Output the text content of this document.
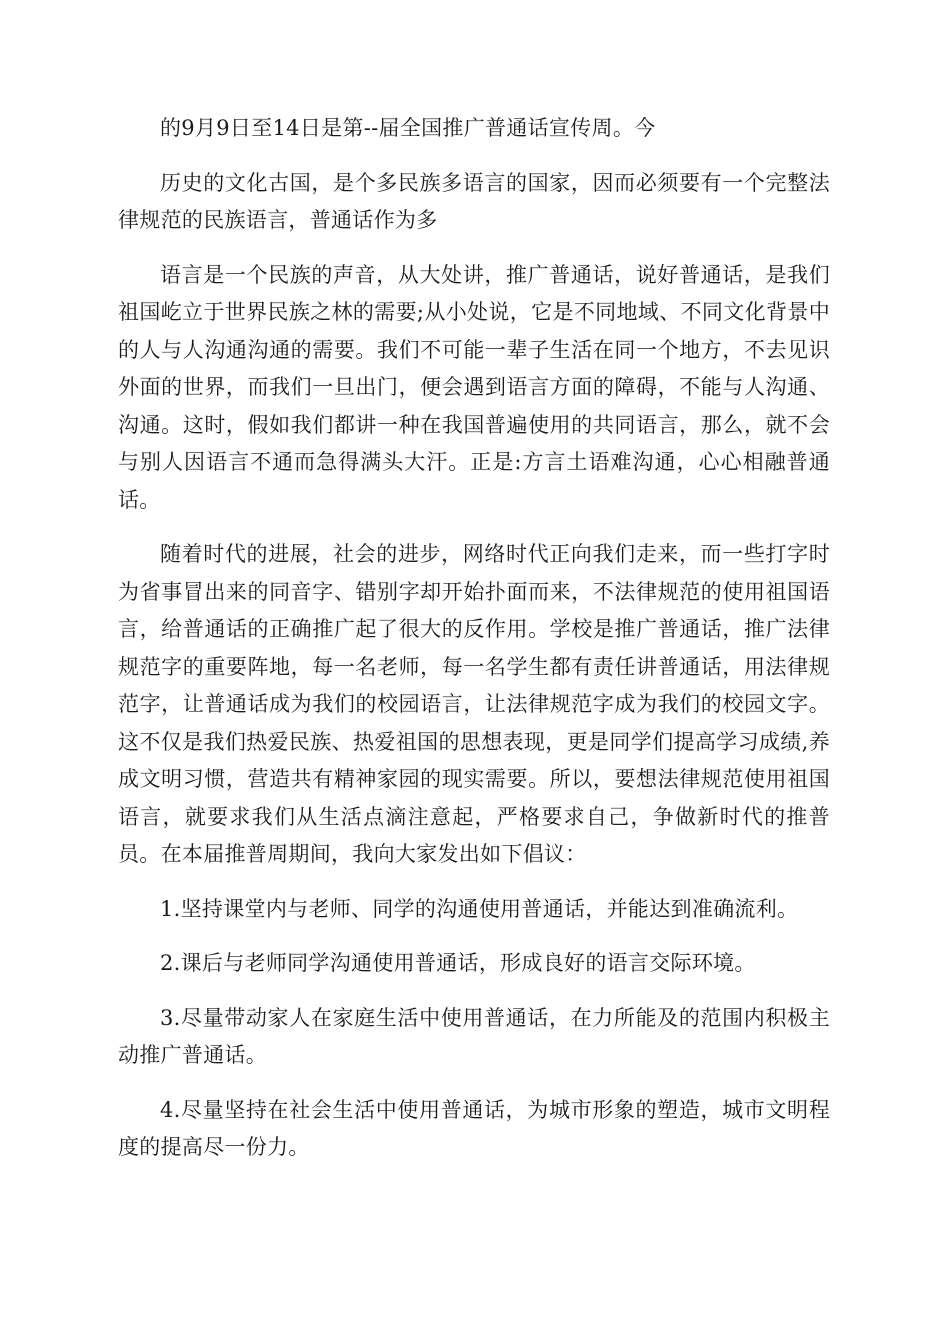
的9月9日至14日是第--届全国推广普通话宣传周。今

历史的文化古国，是个多民族多语言的国家，因而必须要有一个完整法律规范的民族语言，普通话作为多

语言是一个民族的声音，从大处讲，推广普通话，说好普通话，是我们祖国屹立于世界民族之林的需要;从小处说，它是不同地域、不同文化背景中的人与人沟通沟通的需要。我们不可能一辈子生活在同一个地方，不去见识外面的世界，而我们一旦出门，便会遇到语言方面的障碍，不能与人沟通、沟通。这时，假如我们都讲一种在我国普遍使用的共同语言，那么，就不会与别人因语言不通而急得满头大汗。正是:方言土语难沟通，心心相融普通话。

随着时代的进展，社会的进步，网络时代正向我们走来，而一些打字时为省事冒出来的同音字、错别字却开始扑面而来，不法律规范的使用祖国语言，给普通话的正确推广起了很大的反作用。学校是推广普通话，推广法律规范字的重要阵地，每一名老师，每一名学生都有责任讲普通话，用法律规范字，让普通话成为我们的校园语言，让法律规范字成为我们的校园文字。这不仅是我们热爱民族、热爱祖国的思想表现，更是同学们提高学习成绩,养成文明习惯，营造共有精神家园的现实需要。所以，要想法律规范使用祖国语言，就要求我们从生活点滴注意起，严格要求自己，争做新时代的推普员。在本届推普周期间，我向大家发出如下倡议：

1.坚持课堂内与老师、同学的沟通使用普通话，并能达到准确流利。

2.课后与老师同学沟通使用普通话，形成良好的语言交际环境。

3.尽量带动家人在家庭生活中使用普通话，在力所能及的范围内积极主动推广普通话。

4.尽量坚持在社会生活中使用普通话，为城市形象的塑造，城市文明程度的提高尽一份力。
